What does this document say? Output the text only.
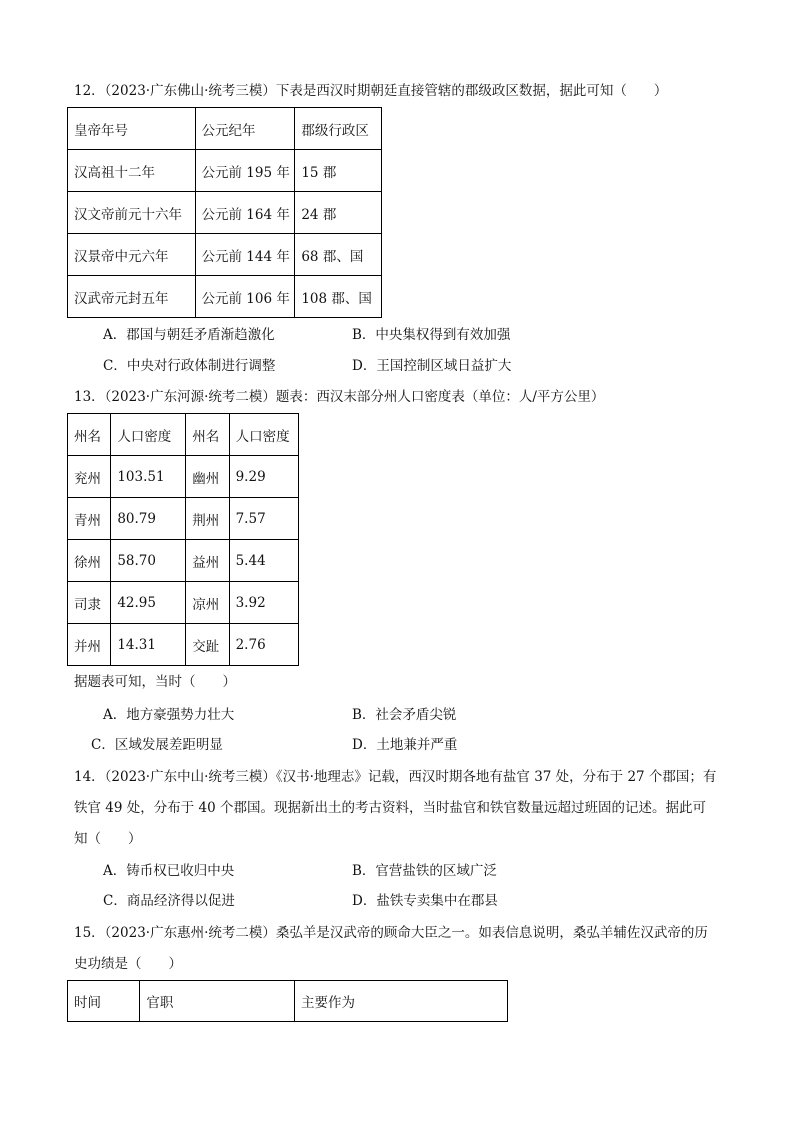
12．（2023·广东佛山·统考三模）下表是西汉时期朝廷直接管辖的郡级政区数据，据此可知（　　）
皇帝年号	公元纪年	郡级行政区
汉高祖十二年	公元前 195 年	15 郡
汉文帝前元十六年	公元前 164 年	24 郡
汉景帝中元六年	公元前 144 年	68 郡、国
汉武帝元封五年	公元前 106 年	108 郡、国
A．郡国与朝廷矛盾渐趋激化	B．中央集权得到有效加强
C．中央对行政体制进行调整	D．王国控制区域日益扩大
13．（2023·广东河源·统考二模）题表：西汉末部分州人口密度表（单位：人/平方公里）
州名	人口密度	州名	人口密度
兖州	103.51	幽州	9.29
青州	80.79	荆州	7.57
徐州	58.70	益州	5.44
司隶	42.95	凉州	3.92
并州	14.31	交趾	2.76
据题表可知，当时（　　）
A．地方豪强势力壮大	B．社会矛盾尖锐
C．区域发展差距明显	D．土地兼并严重
14．（2023·广东中山·统考三模）《汉书·地理志》记载，西汉时期各地有盐官 37 处，分布于 27 个郡国；有
铁官 49 处，分布于 40 个郡国。现据新出土的考古资料，当时盐官和铁官数量远超过班固的记述。据此可
知（　　）
A．铸币权已收归中央	B．官营盐铁的区域广泛
C．商品经济得以促进	D．盐铁专卖集中在郡县
15．（2023·广东惠州·统考二模）桑弘羊是汉武帝的顾命大臣之一。如表信息说明，桑弘羊辅佐汉武帝的历
史功绩是（　　）
时间	官职	主要作为
